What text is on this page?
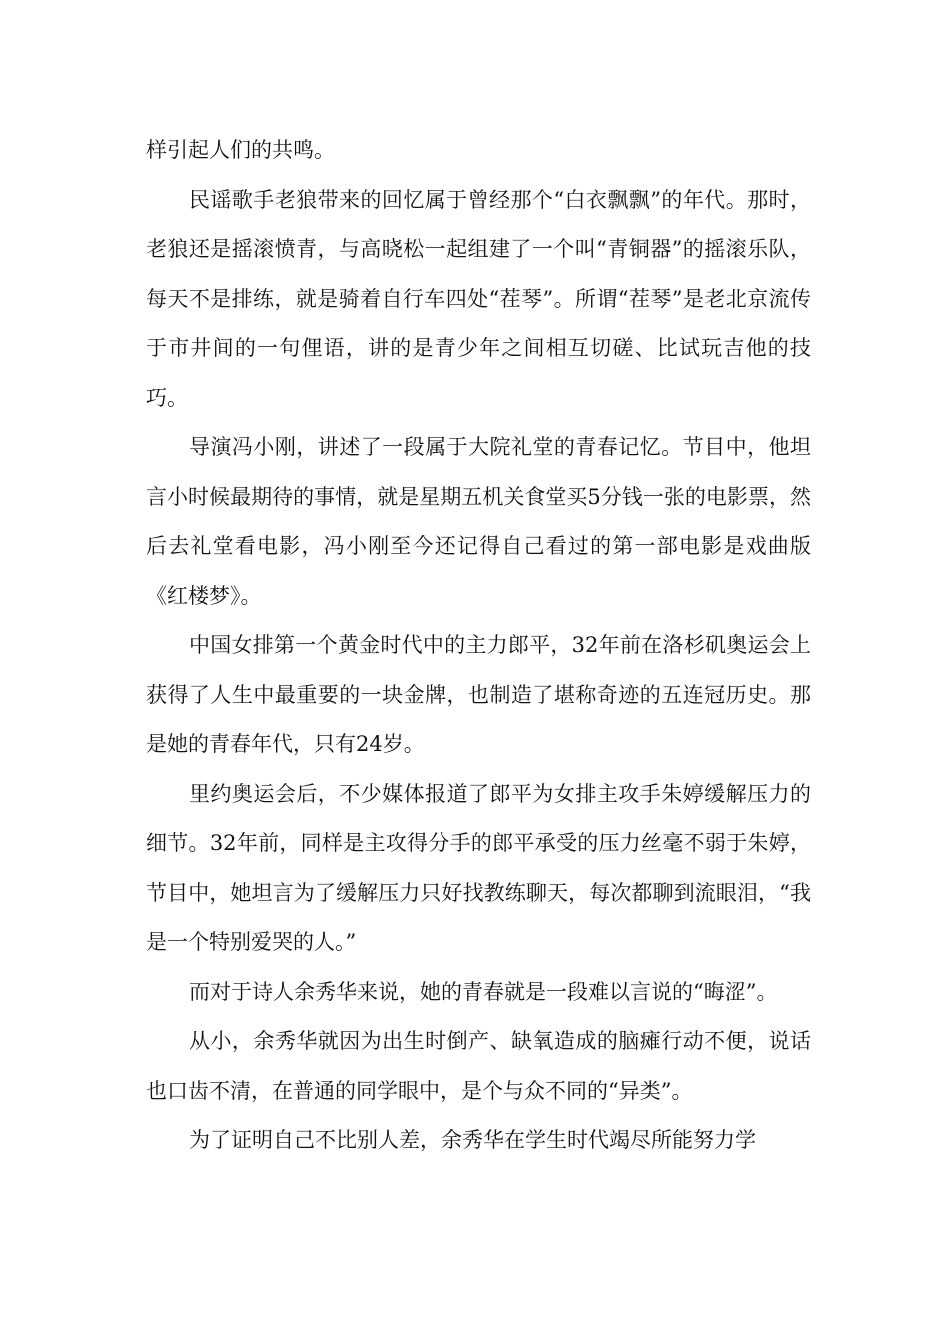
样引起人们的共鸣。

民谣歌手老狼带来的回忆属于曾经那个“白衣飘飘”的年代。那时，老狼还是摇滚愤青，与高晓松一起组建了一个叫“青铜器”的摇滚乐队，每天不是排练，就是骑着自行车四处“茬琴”。所谓“茬琴”是老北京流传于市井间的一句俚语，讲的是青少年之间相互切磋、比试玩吉他的技巧。

导演冯小刚，讲述了一段属于大院礼堂的青春记忆。节目中，他坦言小时候最期待的事情，就是星期五机关食堂买5分钱一张的电影票，然后去礼堂看电影，冯小刚至今还记得自己看过的第一部电影是戏曲版《红楼梦》。

中国女排第一个黄金时代中的主力郎平，32年前在洛杉矶奥运会上获得了人生中最重要的一块金牌，也制造了堪称奇迹的五连冠历史。那是她的青春年代，只有24岁。

里约奥运会后，不少媒体报道了郎平为女排主攻手朱婷缓解压力的细节。32年前，同样是主攻得分手的郎平承受的压力丝毫不弱于朱婷，节目中，她坦言为了缓解压力只好找教练聊天，每次都聊到流眼泪，“我是一个特别爱哭的人。”

而对于诗人余秀华来说，她的青春就是一段难以言说的“晦涩”。

从小，余秀华就因为出生时倒产、缺氧造成的脑瘫行动不便，说话也口齿不清，在普通的同学眼中，是个与众不同的“异类”。

为了证明自己不比别人差，余秀华在学生时代竭尽所能努力学
